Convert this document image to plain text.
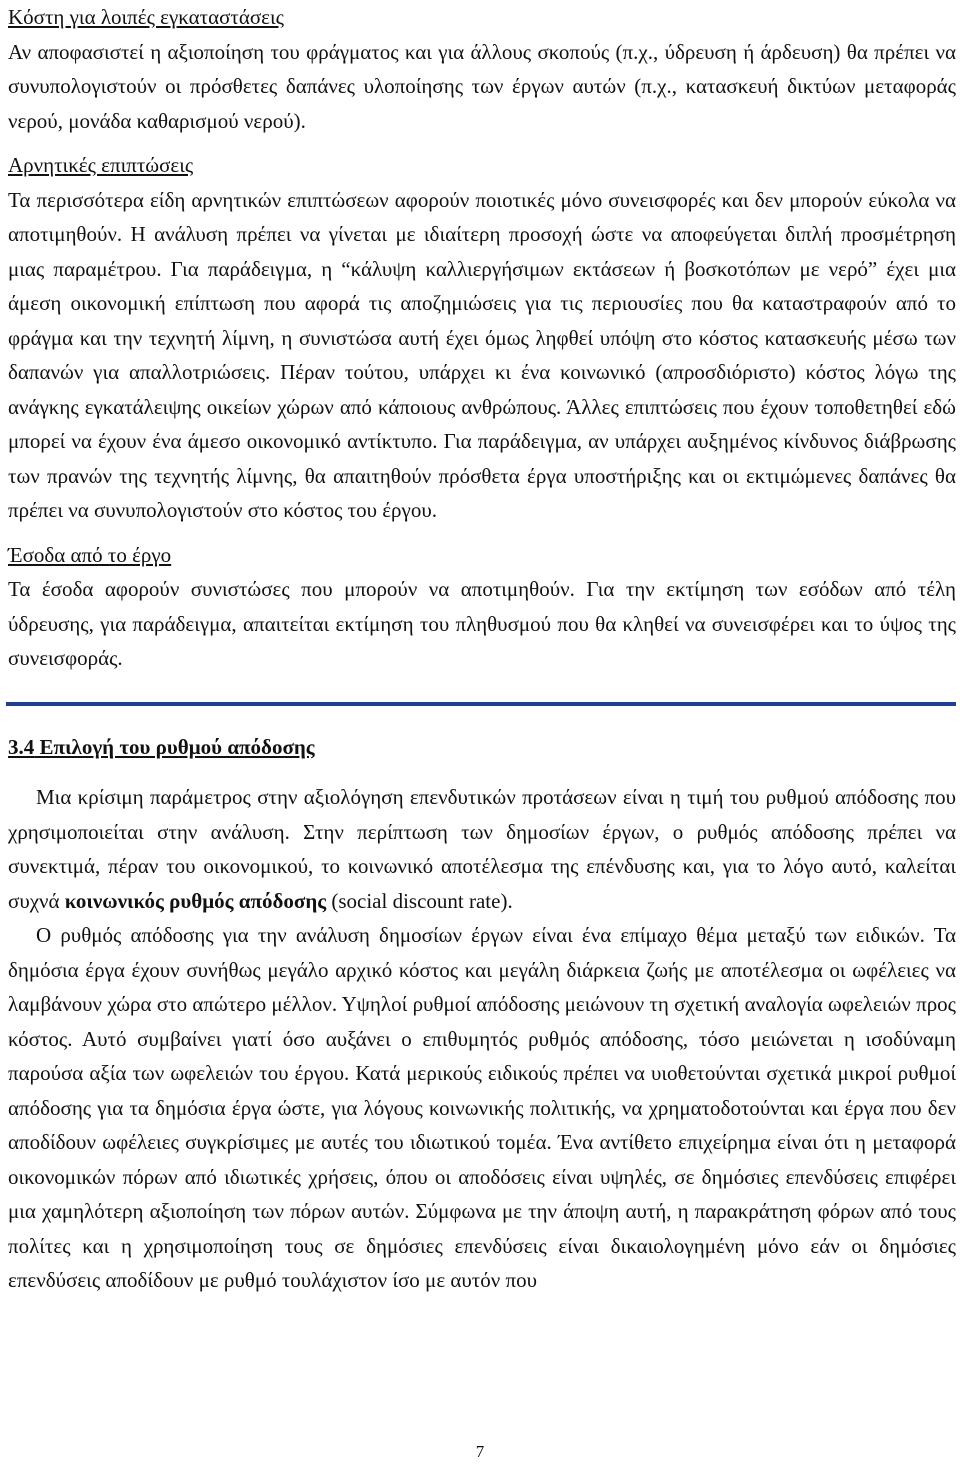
Κόστη για λοιπές εγκαταστάσεις

Αν αποφασιστεί η αξιοποίηση του φράγματος και για άλλους σκοπούς (π.χ., ύδρευση ή άρδευση) θα πρέπει να συνυπολογιστούν οι πρόσθετες δαπάνες υλοποίησης των έργων αυτών (π.χ., κατασκευή δικτύων μεταφοράς νερού, μονάδα καθαρισμού νερού).

Αρνητικές επιπτώσεις

Τα περισσότερα είδη αρνητικών επιπτώσεων αφορούν ποιοτικές μόνο συνεισφορές και δεν μπορούν εύκολα να αποτιμηθούν. Η ανάλυση πρέπει να γίνεται με ιδιαίτερη προσοχή ώστε να αποφεύγεται διπλή προσμέτρηση μιας παραμέτρου. Για παράδειγμα, η “κάλυψη καλλιεργήσιμων εκτάσεων ή βοσκοτόπων με νερό” έχει μια άμεση οικονομική επίπτωση που αφορά τις αποζημιώσεις για τις περιουσίες που θα καταστραφούν από το φράγμα και την τεχνητή λίμνη, η συνιστώσα αυτή έχει όμως ληφθεί υπόψη στο κόστος κατασκευής μέσω των δαπανών για απαλλοτριώσεις. Πέραν τούτου, υπάρχει κι ένα κοινωνικό (απροσδιόριστο) κόστος λόγω της ανάγκης εγκατάλειψης οικείων χώρων από κάποιους ανθρώπους. Άλλες επιπτώσεις που έχουν τοποθετηθεί εδώ μπορεί να έχουν ένα άμεσο οικονομικό αντίκτυπο. Για παράδειγμα, αν υπάρχει αυξημένος κίνδυνος διάβρωσης των πρανών της τεχνητής λίμνης, θα απαιτηθούν πρόσθετα έργα υποστήριξης και οι εκτιμώμενες δαπάνες θα πρέπει να συνυπολογιστούν στο κόστος του έργου.

Έσοδα από το έργο

Τα έσοδα αφορούν συνιστώσες που μπορούν να αποτιμηθούν. Για την εκτίμηση των εσόδων από τέλη ύδρευσης, για παράδειγμα, απαιτείται εκτίμηση του πληθυσμού που θα κληθεί να συνεισφέρει και το ύψος της συνεισφοράς.

3.4 Επιλογή του ρυθμού απόδοσης

Μια κρίσιμη παράμετρος στην αξιολόγηση επενδυτικών προτάσεων είναι η τιμή του ρυθμού απόδοσης που χρησιμοποιείται στην ανάλυση. Στην περίπτωση των δημοσίων έργων, ο ρυθμός απόδοσης πρέπει να συνεκτιμά, πέραν του οικονομικού, το κοινωνικό αποτέλεσμα της επένδυσης και, για το λόγο αυτό, καλείται συχνά κοινωνικός ρυθμός απόδοσης (social discount rate).

Ο ρυθμός απόδοσης για την ανάλυση δημοσίων έργων είναι ένα επίμαχο θέμα μεταξύ των ειδικών. Τα δημόσια έργα έχουν συνήθως μεγάλο αρχικό κόστος και μεγάλη διάρκεια ζωής με αποτέλεσμα οι ωφέλειες να λαμβάνουν χώρα στο απώτερο μέλλον. Υψηλοί ρυθμοί απόδοσης μειώνουν τη σχετική αναλογία ωφελειών προς κόστος. Αυτό συμβαίνει γιατί όσο αυξάνει ο επιθυμητός ρυθμός απόδοσης, τόσο μειώνεται η ισοδύναμη παρούσα αξία των ωφελειών του έργου. Κατά μερικούς ειδικούς πρέπει να υιοθετούνται σχετικά μικροί ρυθμοί απόδοσης για τα δημόσια έργα ώστε, για λόγους κοινωνικής πολιτικής, να χρηματοδοτούνται και έργα που δεν αποδίδουν ωφέλειες συγκρίσιμες με αυτές του ιδιωτικού τομέα. Ένα αντίθετο επιχείρημα είναι ότι η μεταφορά οικονομικών πόρων από ιδιωτικές χρήσεις, όπου οι αποδόσεις είναι υψηλές, σε δημόσιες επενδύσεις επιφέρει μια χαμηλότερη αξιοποίηση των πόρων αυτών. Σύμφωνα με την άποψη αυτή, η παρακράτηση φόρων από τους πολίτες και η χρησιμοποίηση τους σε δημόσιες επενδύσεις είναι δικαιολογημένη μόνο εάν οι δημόσιες επενδύσεις αποδίδουν με ρυθμό τουλάχιστον ίσο με αυτόν που

7
